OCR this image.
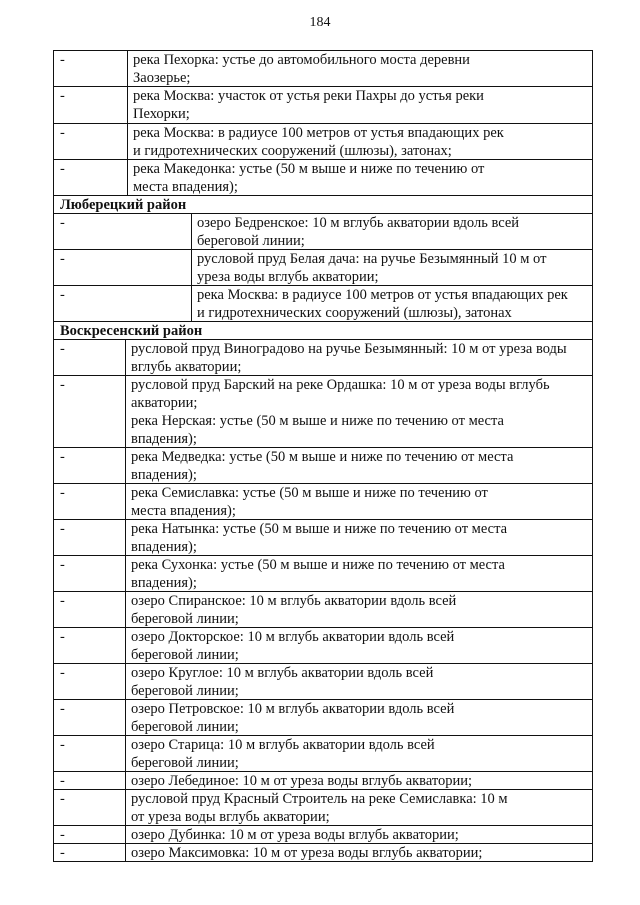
184
-	река Пехорка: устье до автомобильного моста деревни
Заозерье;
-	река Москва: участок от устья реки Пахры до устья реки
Пехорки;
-	река Москва: в радиусе 100 метров от устья впадающих рек
и гидротехнических сооружений (шлюзы), затонах;
-	река Македонка: устье (50 м выше и ниже по течению от
места впадения);
Люберецкий район
-	озеро Бедренское: 10 м вглубь акватории вдоль всей
береговой линии;
-	русловой пруд Белая дача: на ручье Безымянный 10 м от
уреза воды вглубь акватории;
-	река Москва: в радиусе 100 метров от устья впадающих рек
и гидротехнических сооружений (шлюзы), затонах
Воскресенский район
-	русловой пруд Виноградово на ручье Безымянный: 10 м от уреза воды
вглубь акватории;
-	русловой пруд Барский на реке Ордашка: 10 м от уреза воды вглубь
акватории;
река Нерская: устье (50 м выше и ниже по течению от места
впадения);
-	река Медведка: устье (50 м выше и ниже по течению от места
впадения);
-	река Семиславка: устье (50 м выше и ниже по течению от
места впадения);
-	река Натынка: устье (50 м выше и ниже по течению от места
впадения);
-	река Сухонка: устье (50 м выше и ниже по течению от места
впадения);
-	озеро Спиранское: 10 м вглубь акватории вдоль всей
береговой линии;
-	озеро Докторское: 10 м вглубь акватории вдоль всей
береговой линии;
-	озеро Круглое: 10 м вглубь акватории вдоль всей
береговой линии;
-	озеро Петровское: 10 м вглубь акватории вдоль всей
береговой линии;
-	озеро Старица: 10 м вглубь акватории вдоль всей
береговой линии;
-	озеро Лебединое: 10 м от уреза воды вглубь акватории;
-	русловой пруд Красный Строитель на реке Семиславка: 10 м
от уреза воды вглубь акватории;
-	озеро Дубинка: 10 м от уреза воды вглубь акватории;
-	озеро Максимовка: 10 м от уреза воды вглубь акватории;
